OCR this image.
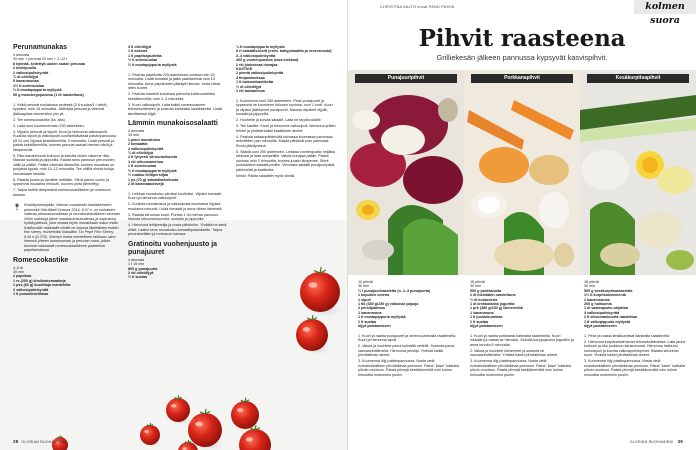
Perunamunakas
4 annosta
20 min + perunat 20 min + 2–12 t
8 kylmää, keitettyä uuden sadon perunaa
2 keskipuolia
2 valkosipulinkynttä
¾ dl oliiviöljyä
5 kananmunaa
1½ tl sormisuolaa
½ tl mustapippuria myllystä
50 g manchegojuustoa (1 dl raastettuna)
1. Keitä perunat suolatussa vedessä (2 tl suolaa/1 l vettä) kypsiksi, noin 15 minuuttia. Jäähdytä perunat ja viilennä jääkaapissa esimerkiksi yön yli.
2. Tee romescokastike (ks. alta).
3. Laita uuni kuumenemaan 200 asteeseen.
4. Viipaloi perunat ja sipulit. Kuori ja hienonna valkosipulit. Kuullota sipulit ja valkosipulit uuninkestävässä paistinpannussa (Ø 24 cm) öljyssä keskilämmöllä, 5 minuuttia. Lisää perunat ja paista keskilämmöllä, kunnes perunat saavat hieman väriä ja lämpenevät.
5. Riko kananmunat kulhoon ja sekoita niiden rakenne rikki. Mausta suolalla ja pippurilla. Kaada seos pannuun perunoiden väliin ja päälle. Paista miedolla lämmöllä, kunnes munakas on pohjasta kypsä, noin 10–12 minuuttia. Tee välillä ohuita koloja munakkaan lastalla.
6. Raasta juusto ja ripottele tortillalle. Siirrä pannu uuniin ja kypsennä muutama minuutti, kunnes pinta jähmettyy.
7. Tarjoa tortilla lämpimänä romescokastikkeen ja romescon kanssa.
Keskittyneempään, hieman maustesiin kastikkeeseen pehmeää Vita Albell Crianza 2014, 8,97 e, on mukaisen vaikeaa perunamunakkaan ja munakoskastikkeen seuraan. Viinin makeuja pikee maalaisumsuoudessa ja sopivassa hyökkyydessä, joka nostaa myös munakkaan maun esille. Kaikkuvalle raikkaalle viinille on kanssa täyteläinen esikko fino sherry, esimerkiksi klassikko Tío Pepe Fino Sherry, 9,36 e (0,375). Sherryn ihana mereellinen raikkaus sitoo hienosti yhteen kananmunan ja perunan maut, jolloin toimivat makuaistit romescokastikkeen paahteisia paprikamakuun.
Romescokastike
4–5 dl
30 min
2 paprikaa
1 rs (250 g) kirsikkatomaatteja
1 pss (80 g) kuorittuja manteleita
2 valkosipulinkynttä
1 tl punaviinietikkaa
3 tl oliiviöljyä
1 tl sokeria
1 tl paprikajauhetta
½ tl sormisuolaa
½ tl mustapippuria myllystä
1. Paahda paprikoita 225-asteisessa uunissa noin 15 minuuttia. Lisää tomaatit ja jatka paahtamista noin 10 minuuttia. Anna paprikoiden jäähtyä hieman. Irrota niistä siten kuoret.
2. Paahda mantelit kuiveissa pannulla kullanruskeiksi keskilämmöllä, noin 2–3 minuuttia.
3. Kuori valkosipulit. Laita kaikki romescoaineet tehosekoittimeen ja soseuta karkeaksi kastikkeeksi. Lisää tarvittaessa öljyä.
Lämmin munakoisosalaatti
4 annosta
15 min
1 pieni munakoiso
2 tomaattia
2 valkosipulinkynttä
¾ dl oliiviöljyä
2 tl lyhyesti sitruunankuorta
1 rkl sitruunamehua
1 tl sormisuolaa
½ tl mustapippuria myllystä
½ ruukku lehtipersiljaa
1 ps (70 g) salaattisekoitusta
2 dl kalamataoliivejä
1. Leikkaa munakoiso pieniksi kuutioiksi. Viipaloi tomaatit. Kuori ja hienonna valkosipulit.
2. Kuullota munakoisoa ja valkosipulia kuumassa öljyssä muutama minuutti. Lisää tomaatit ja anna niiden lämmetä.
3. Raasta sitruunan kuori. Purista 1 rkl mehua pannuun. Mausta sitruunankuorella, suolalla ja pippurilla.
4. Hienonna lehtipersilja ja nosta pähkinöin. Yhdistä ne sekä oliivit. Laaksi seos munakoiso-tomaattipaistokselle. Tarjoa perunatortillan ja romescon kanssa.
Gratinoitu vuohenjuusto ja punajuuret
4 annosta
1 t 15 min
800 g punajuuria
2 rkl oliiviöljyä
½ tl suolaa
¼ tl mustapippuria myllystä
8 rl salaattisekoitt (esim. babypinaattia ja versoseosta)
2–4 valkosipulinkynttä
400 g vuohenjuustoa (rasa kiekkoa)
2 rkl juoksevaa hunajaa
KASTIKE
2 pientä valkosipulinkynttä
4 timjaminoksaa
1 tl balsamikastiketta
½ dl oliiviöljyä
1 rkl balsamicoa
1. Kuumenna uuni 200 asteeseen. Pese punajuuret ja kypsennä ne kuorineen folionen uunissa, noin 1 tunti. Kuori ja viipaloi jäähtyneet punajuuret. Mausta viipaleet öljyllä, suolalla ja pippurilla.
2. Huuhtele ja kuivaa salaatit. Laita ne tarjoiluvadille.
3. Tee kastike. Kuori ja hienonna valkosipuli, hienonna yrttien lehdet ja yhdistä kaikki kastikkeen aineet.
4. Paahda saksanpähkinöitä kuivassa kuumassa pannussa sekoitellen pari minuuttia. Kaada pähkinät pois pannusta. Rouhi jäähtyneinä.
5. Säädä uuni 250 asteeseen. Leikkaa vuohenjuusto neljäksi kiekoksi ja laita uunipellille. Valuta hunajaa päälle. Paista uunissa noin 2 minuuttia, kunnes juusto lämpenee. Siirrä juustokiekot salaatti-pedille. Virmuista salaatti punajuuripalat, pähkinöitä ja kastiketta.
Vinkki: Paista salaattiin myös viinitä.
38 GLORIAN RUOKAMIENI
CHRISTINA AALTO kuvat PANU PÄIVIÄ	kolmen suora
Pihvit raasteena
Grilliekesän jälkeen pannussa kypsyvät kasvispihvit.
Punajuuripihvit	Porkkanapihvit	Kesäkurpitsapihvit
12 pihviä
30 min
½ l punajuuriraastetta (n. 2–3 punajuurta)
1 kupullen omena
1 sipuli
1 tlk (380 g/230 g) valkoisia papuja
2 persiljalantoa
1 kananmuna
1 tl mustapippuria myllystä
1 tl suolaa
öljyä paistamiseen
1. Kuori ja raasta punajuuret ja omena karkealla raastimella. Kuori ja hienonna sipuli.
2. Valuta ja huuhtele pavut kylmällä vedellä. Soseuta pavut sauvasekoittimella. Hienonna persilja. Yhdistä kaikki pihvitaikinan aineet.
3. Kuumenna öljy paistinpannussa. Nosta vielä ruokalusikallinen pihvitaikinaa pannuun. Paina "kasa" lusikalla pihviin muotoon. Paista pihvejä keskilämmöllä noin kolme minuuttia molemmin puolin.
16 pihviä
30 min
500 g porkkanoita
2 dl inkiväärin raastettuna
½ dl korianteria
1 dl krekkolaista jogurttia
1 prk (380 g/230 g) kikherneitä
1 kananmuna
1 tl juustokuminaa
1 tl suolaa
öljyä paistamiseen
1. Kuori ja raasta porkkanat karkealla raastimella. Kuori inkivääri ja raasta se hienoksi. Sekoita korppujauhot jogurttiin ja anna turvota 5 minuuttia.
2. Valuta ja huuhtele kikherneet ja soseuta ne sauvasekoittimella. Yhdistä kaikki pihvitaikinan aineet.
3. Kuumenna öljy paistinpannussa. Nosta vielä ruokalusikallinen pihvitaikinaa pannuun. Paina "kasa" lusikalla pihvin muotoon. Paista pihvejä keskilämmöllä noin kolme minuuttia molemmin puolin.
16 pihviä
30 min
500 g kesäkurpitsaraastetta
1½ tl kurpitsansiemeniä
2 kananmunaa
200 g halloumia
1 dl vaaleajauho-ohjattua
3 valkosipulinkynttä
2 tl sitruunankuorta raastettua
1 tl valkopippuria myllystä
öljyä paistamiseen
1. Pese ja raasta kesäkurpitsat karkealla raastimella.
2. Hienonna kurpitsansiemenet tehosekoittimessa. Laita jauhe kulhoon ja riko joukkoon kananmunat. Hienonna halloumi, ruohosipuli ja kuorita valkosipulinkynnet. Raasta sitruunan kuori. Yhdistä kaikki pihvitaikinan aineet.
3. Kuumenna öljy paistinpannussa. Nosta vielä ruokalusikallinen pihvitaikinaa pannuun. Paina "kasa" lusikalla pihvin muotoon. Paista pihvejä keskilämmöllä noin kolme minuuttia molemmin puolin.
GLORIAN RUOKAMIENI 39
